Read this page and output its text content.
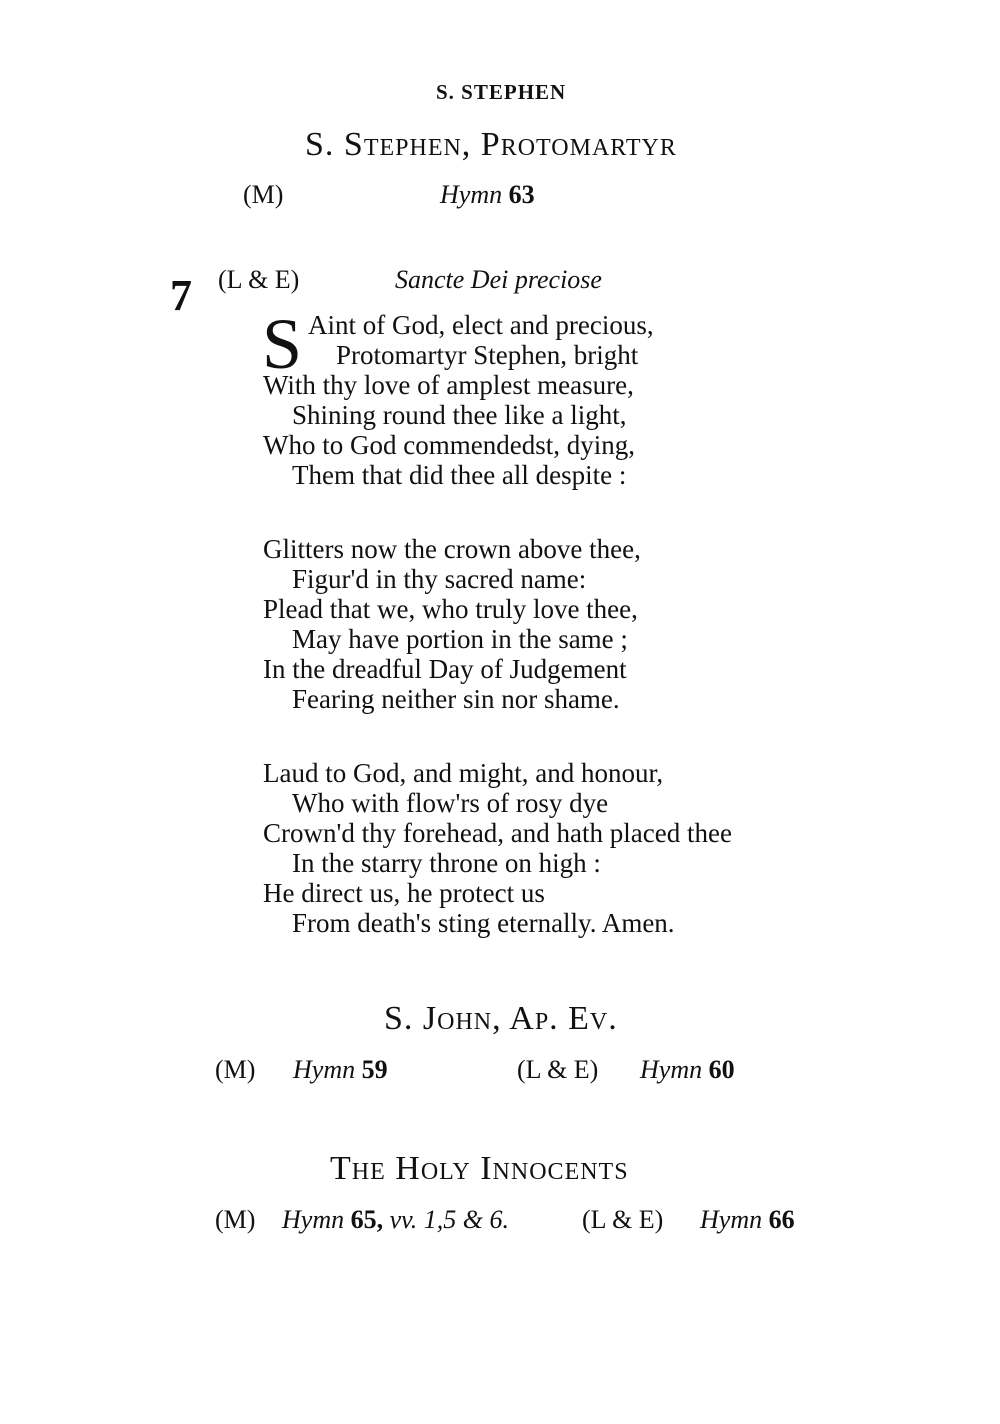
S. STEPHEN
S. Stephen, Protomartyr
(M)	Hymn 63
7 (L & E)	Sancte Dei preciose
S Aint of God, elect and precious,
Protomartyr Stephen, bright
With thy love of amplest measure,
Shining round thee like a light,
Who to God commendedst, dying,
Them that did thee all despite :
Glitters now the crown above thee,
Figur'd in thy sacred name:
Plead that we, who truly love thee,
May have portion in the same ;
In the dreadful Day of Judgement
Fearing neither sin nor shame.
Laud to God, and might, and honour,
Who with flow'rs of rosy dye
Crown'd thy forehead, and hath placed thee
In the starry throne on high :
He direct us, he protect us
From death's sting eternally. Amen.
S. John, Ap. Ev.
(M) Hymn 59	(L & E) Hymn 60
The Holy Innocents
(M) Hymn 65, vv. 1,5 & 6.	(L & E) Hymn 66
